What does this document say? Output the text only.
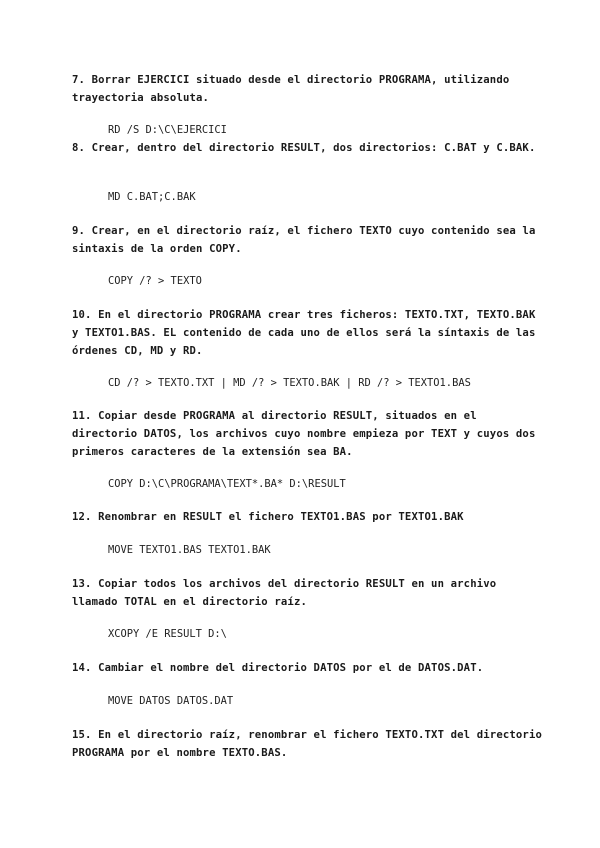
7. Borrar EJERCICI situado desde el directorio PROGRAMA, utilizando trayectoria absoluta.

RD /S D:\C\EJERCICI

8. Crear, dentro del directorio RESULT, dos directorios: C.BAT y C.BAK.

MD C.BAT;C.BAK

9. Crear, en el directorio raíz, el fichero TEXTO cuyo contenido sea la sintaxis de la orden COPY.

COPY /? > TEXTO

10. En el directorio PROGRAMA crear tres ficheros: TEXTO.TXT, TEXTO.BAK y TEXTO1.BAS. EL contenido de cada uno de ellos será la síntaxis de las órdenes CD, MD y RD.

CD /? > TEXTO.TXT | MD /? > TEXTO.BAK | RD /? > TEXTO1.BAS

11. Copiar desde PROGRAMA al directorio RESULT, situados en el directorio DATOS, los archivos cuyo nombre empieza por TEXT y cuyos dos primeros caracteres de la extensión sea BA.

COPY D:\C\PROGRAMA\TEXT*.BA* D:\RESULT

12. Renombrar en RESULT el fichero TEXTO1.BAS por TEXTO1.BAK

MOVE TEXTO1.BAS TEXTO1.BAK

13. Copiar todos los archivos del directorio RESULT en un archivo llamado TOTAL en el directorio raíz.

XCOPY /E RESULT D:\

14. Cambiar el nombre del directorio DATOS por el de DATOS.DAT.

MOVE DATOS DATOS.DAT

15. En el directorio raíz, renombrar el fichero TEXTO.TXT del directorio PROGRAMA por el nombre TEXTO.BAS.
